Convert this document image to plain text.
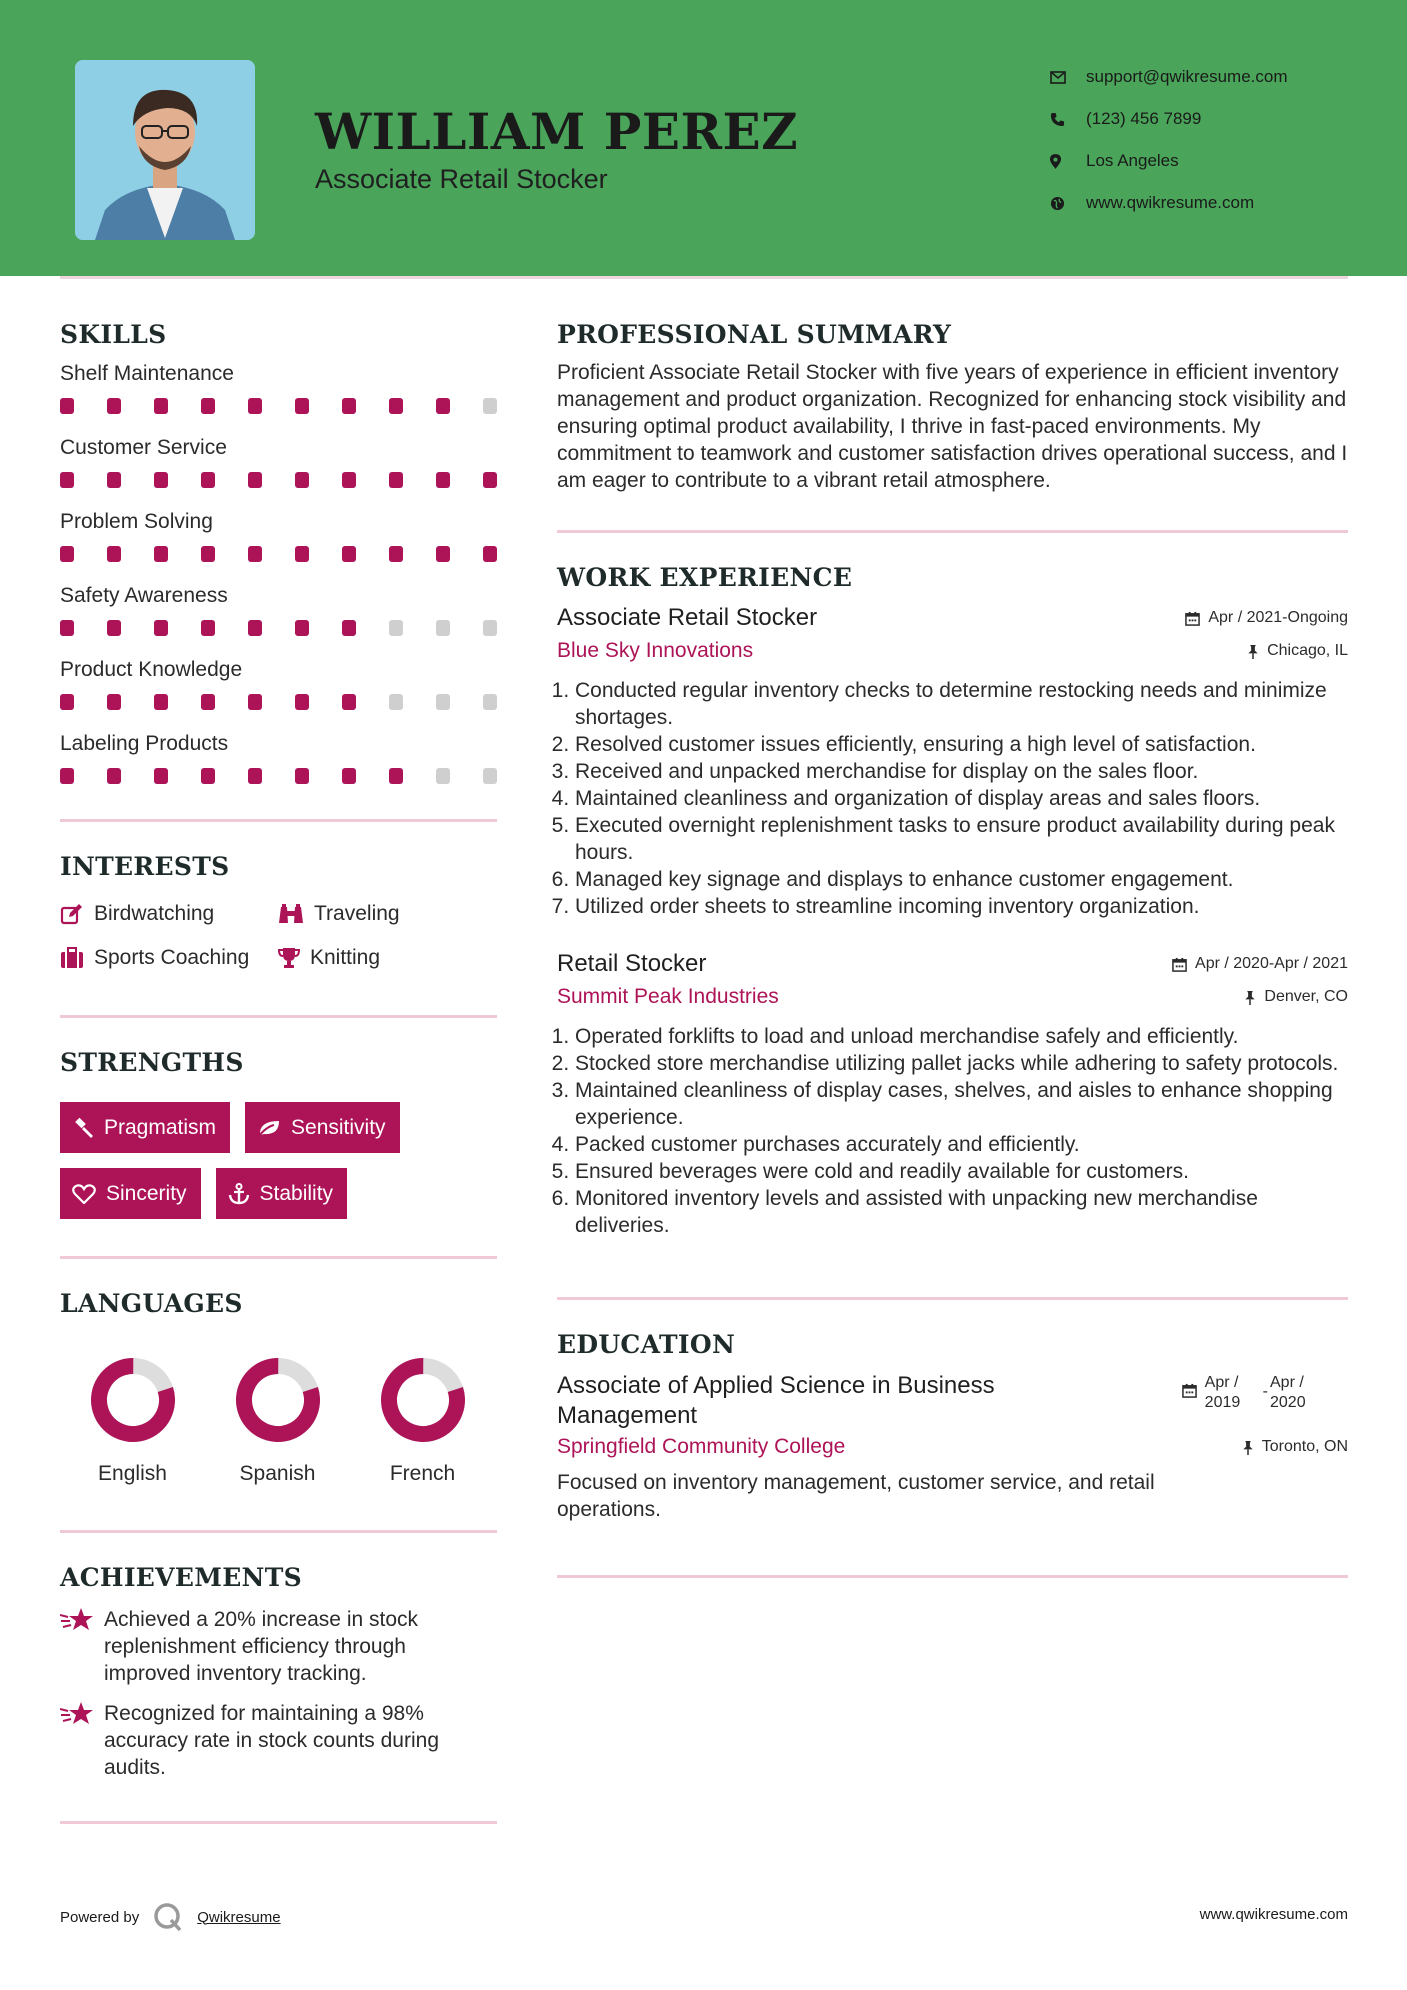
WILLIAM PEREZ
Associate Retail Stocker
support@qwikresume.com
(123) 456 7899
Los Angeles
www.qwikresume.com
SKILLS
Shelf Maintenance
Customer Service
Problem Solving
Safety Awareness
Product Knowledge
Labeling Products
INTERESTS
Birdwatching	Traveling
Sports Coaching	Knitting
STRENGTHS
Pragmatism	Sensitivity
Sincerity	Stability
LANGUAGES
English	Spanish	French
ACHIEVEMENTS
Achieved a 20% increase in stock replenishment efficiency through improved inventory tracking.
Recognized for maintaining a 98% accuracy rate in stock counts during audits.
PROFESSIONAL SUMMARY

Proficient Associate Retail Stocker with five years of experience in efficient inventory management and product organization. Recognized for enhancing stock visibility and ensuring optimal product availability, I thrive in fast-paced environments. My commitment to teamwork and customer satisfaction drives operational success, and I am eager to contribute to a vibrant retail atmosphere.

WORK EXPERIENCE
Associate Retail Stocker	Apr / 2021-Ongoing
Blue Sky Innovations	Chicago, IL
1. Conducted regular inventory checks to determine restocking needs and minimize shortages.
2. Resolved customer issues efficiently, ensuring a high level of satisfaction.
3. Received and unpacked merchandise for display on the sales floor.
4. Maintained cleanliness and organization of display areas and sales floors.
5. Executed overnight replenishment tasks to ensure product availability during peak hours.
6. Managed key signage and displays to enhance customer engagement.
7. Utilized order sheets to streamline incoming inventory organization.
Retail Stocker	Apr / 2020-Apr / 2021
Summit Peak Industries	Denver, CO
1. Operated forklifts to load and unload merchandise safely and efficiently.
2. Stocked store merchandise utilizing pallet jacks while adhering to safety protocols.
3. Maintained cleanliness of display cases, shelves, and aisles to enhance shopping experience.
4. Packed customer purchases accurately and efficiently.
5. Ensured beverages were cold and readily available for customers.
6. Monitored inventory levels and assisted with unpacking new merchandise deliveries.
EDUCATION
Associate of Applied Science in Business Management
Apr / 2019
-
Apr / 2020
Springfield Community College	Toronto, ON

Focused on inventory management, customer service, and retail operations.

Powered by	Qwikresume	www.qwikresume.com
